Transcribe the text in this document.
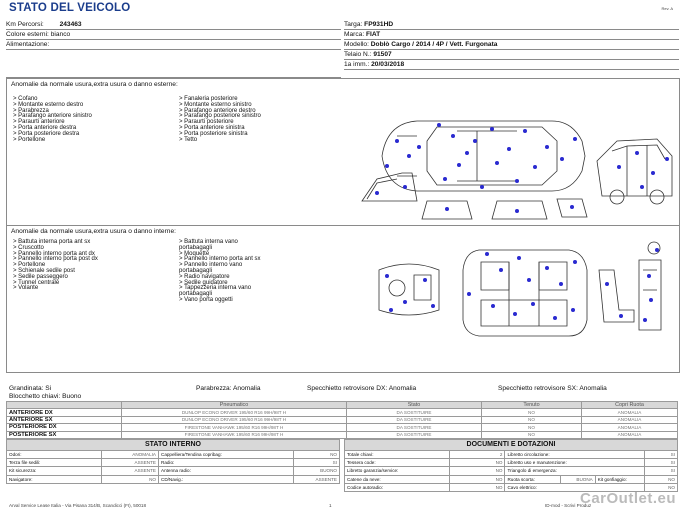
STATO DEL VEICOLO	Rev. A
Km Percorsi: 243463
Colore esterni: bianco
Alimentazione:
Targa: FP931HD
Marca: FIAT
Modello: Doblò Cargo / 2014 / 4P / Vett. Furgonata
Telaio N.: 91507
1a imm.: 20/03/2018
Anomalie da normale usura,extra usura o danno esterne:
> Cofano
> Montante esterno destro
> Parabrezza
> Parafango anteriore sinistro
> Paraurti anteriore
> Porta anteriore destra
> Porta posteriore destra
> Portellone
> Fanaleria posteriore
> Montante esterno sinistro
> Parafango anteriore destro
> Parafango posteriore sinistro
> Paraurti posteriore
> Porta anteriore sinistra
> Porta posteriore sinistra
> Tetto
Anomalie da normale usura,extra usura o danno interne:
> Battuta interna porta ant sx
> Cruscotto
> Pannello interno porta ant dx
> Pannello interno porta post dx
> Portellone
> Schienale sedile post
> Sedile passeggero
> Tunnel centrale
> Volante
> Battuta interna vano
portabagagli
> Moquette
> Pannello interno porta ant sx
> Pannello interno vano
portabagagli
> Radio navigatore
> Sedile guidatore
> Tappezzeria interna vano
portabagagli
> Vano porta oggetti
Grandinata: Si	Parabrezza: Anomalia	Specchietto retrovisore DX: Anomalia	Specchietto retrovisore SX: Anomalia
Blocchetto chiavi: Buono
	Pneumatico	Stato	Tenuto	Copri Ruota
ANTERIORE DX	DUNLOP ECONO DRIVER 195/60 R16 99H/98T H	DA SOSTITUIRE	NO	ANOMALIA
ANTERIORE SX	DUNLOP ECONO DRIVER 195/60 R16 99H/98T H	DA SOSTITUIRE	NO	ANOMALIA
POSTERIORE DX	FIRESTONE VANHAWK 195/60 R16 99H/98T H	DA SOSTITUIRE	NO	ANOMALIA
POSTERIORE SX	FIRESTONE VANHAWK 195/60 R16 99H/98T H	DA SOSTITUIRE	NO	ANOMALIA
STATO INTERNO
Odori:	ANOMALIA	Cappelliera/Tendina copribag:	NO
Terza file sedili:	ASSENTE	Radio:	SI
Kit sicurezza:	ASSENTE	Antenna radio:	BUONO
Navigatore:	NO	CD/Navig.:	ASSENTE
DOCUMENTI E DOTAZIONI
Totale chiavi:	2	Libretto circolazione:			SI
Tessera code:	NO	Libretto uso e manutenzione:			SI
Libretto garanzia/service:	NO	Triangolo di emergenza:			SI
Catene da neve:	NO	Ruota scorta:	BUONA	Kit gonfiaggio:	NO
Codice autoradio:	NO	Cavo elettrico:			NO
Arval Service Lease Italia - Via Pisana 314/B, Scandicci (FI), 50018	1	ID-mod - Scrivi Produz
CarOutlet.eu
